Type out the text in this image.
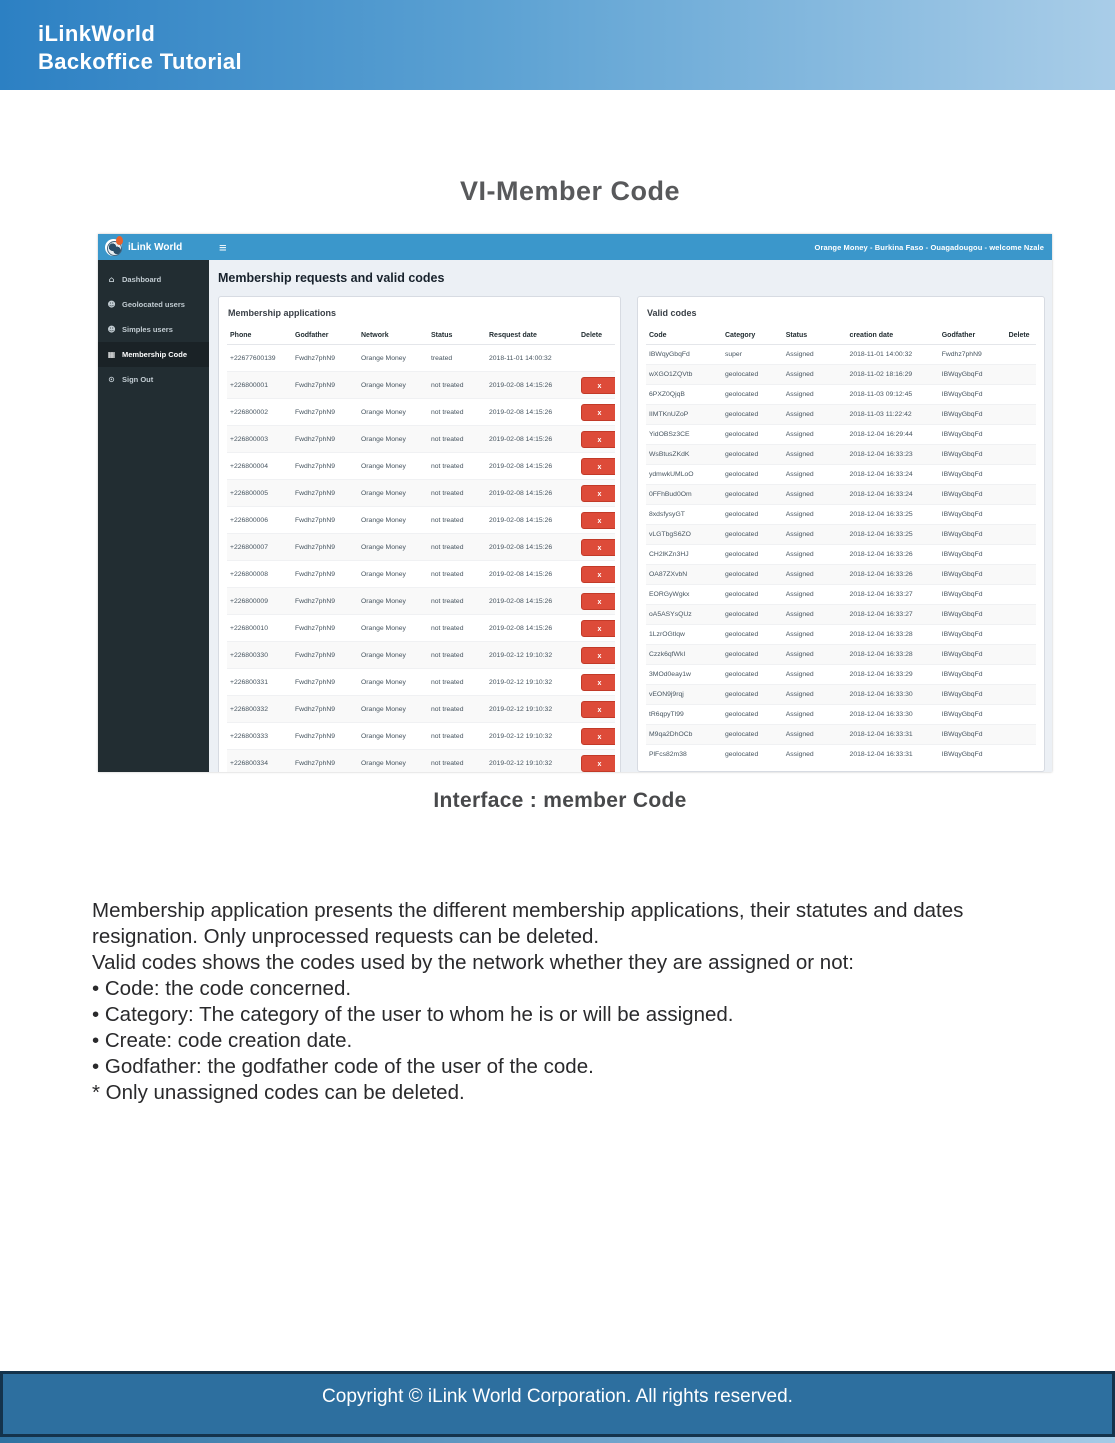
iLinkWorld
Backoffice Tutorial
VI-Member Code
iLink World	≡	Orange Money - Burkina Faso - Ouagadougou - welcome Nzale
⌂ Dashboard
☻ Geolocated users
☻ Simples users
▦ Membership Code
⊙ Sign Out
Membership requests and valid codes
Membership applications
Phone	Godfather	Network	Status	Resquest date	Delete
+22677600139	Fwdhz7phN9	Orange Money	treated	2018-11-01 14:00:32	
+226800001	Fwdhz7phN9	Orange Money	not treated	2019-02-08 14:15:26	x
+226800002	Fwdhz7phN9	Orange Money	not treated	2019-02-08 14:15:26	x
+226800003	Fwdhz7phN9	Orange Money	not treated	2019-02-08 14:15:26	x
+226800004	Fwdhz7phN9	Orange Money	not treated	2019-02-08 14:15:26	x
+226800005	Fwdhz7phN9	Orange Money	not treated	2019-02-08 14:15:26	x
+226800006	Fwdhz7phN9	Orange Money	not treated	2019-02-08 14:15:26	x
+226800007	Fwdhz7phN9	Orange Money	not treated	2019-02-08 14:15:26	x
+226800008	Fwdhz7phN9	Orange Money	not treated	2019-02-08 14:15:26	x
+226800009	Fwdhz7phN9	Orange Money	not treated	2019-02-08 14:15:26	x
+226800010	Fwdhz7phN9	Orange Money	not treated	2019-02-08 14:15:26	x
+226800330	Fwdhz7phN9	Orange Money	not treated	2019-02-12 19:10:32	x
+226800331	Fwdhz7phN9	Orange Money	not treated	2019-02-12 19:10:32	x
+226800332	Fwdhz7phN9	Orange Money	not treated	2019-02-12 19:10:32	x
+226800333	Fwdhz7phN9	Orange Money	not treated	2019-02-12 19:10:32	x
+226800334	Fwdhz7phN9	Orange Money	not treated	2019-02-12 19:10:32	x
Valid codes
Code	Category	Status	creation date	Godfather	Delete
IBWqyGbqFd	super	Assigned	2018-11-01 14:00:32	Fwdhz7phN9	
wXGO1ZQVtb	geolocated	Assigned	2018-11-02 18:16:29	IBWqyGbqFd	
6PXZ0QjqB	geolocated	Assigned	2018-11-03 09:12:45	IBWqyGbqFd	
IIMTKnUZoP	geolocated	Assigned	2018-11-03 11:22:42	IBWqyGbqFd	
YidOBSz3CE	geolocated	Assigned	2018-12-04 16:29:44	IBWqyGbqFd	
WsBtusZKdK	geolocated	Assigned	2018-12-04 16:33:23	IBWqyGbqFd	
ydmwkUMLoO	geolocated	Assigned	2018-12-04 16:33:24	IBWqyGbqFd	
0FFhBud0Om	geolocated	Assigned	2018-12-04 16:33:24	IBWqyGbqFd	
8xdsfysyGT	geolocated	Assigned	2018-12-04 16:33:25	IBWqyGbqFd	
vLGTbgS6ZO	geolocated	Assigned	2018-12-04 16:33:25	IBWqyGbqFd	
CH2lKZn3HJ	geolocated	Assigned	2018-12-04 16:33:26	IBWqyGbqFd	
OA87ZXvbN	geolocated	Assigned	2018-12-04 16:33:26	IBWqyGbqFd	
EORGyWgkx	geolocated	Assigned	2018-12-04 16:33:27	IBWqyGbqFd	
oA5ASYsQUz	geolocated	Assigned	2018-12-04 16:33:27	IBWqyGbqFd	
1LzrOGtlqw	geolocated	Assigned	2018-12-04 16:33:28	IBWqyGbqFd	
Czzk6qfWkI	geolocated	Assigned	2018-12-04 16:33:28	IBWqyGbqFd	
3MOd0eay1w	geolocated	Assigned	2018-12-04 16:33:29	IBWqyGbqFd	
vEON9j9rqj	geolocated	Assigned	2018-12-04 16:33:30	IBWqyGbqFd	
tR6qpyTl99	geolocated	Assigned	2018-12-04 16:33:30	IBWqyGbqFd	
M9qa2DhOCb	geolocated	Assigned	2018-12-04 16:33:31	IBWqyGbqFd	
PlFcs82m38	geolocated	Assigned	2018-12-04 16:33:31	IBWqyGbqFd	
Interface : member Code
Membership application presents the different membership applications, their statutes and dates resignation. Only unprocessed requests can be deleted.
Valid codes shows the codes used by the network whether they are assigned or not:
• Code: the code concerned.
• Category: The category of the user to whom he is or will be assigned.
• Create: code creation date.
• Godfather: the godfather code of the user of the code.
* Only unassigned codes can be deleted.
Copyright © iLink World Corporation. All rights reserved.
